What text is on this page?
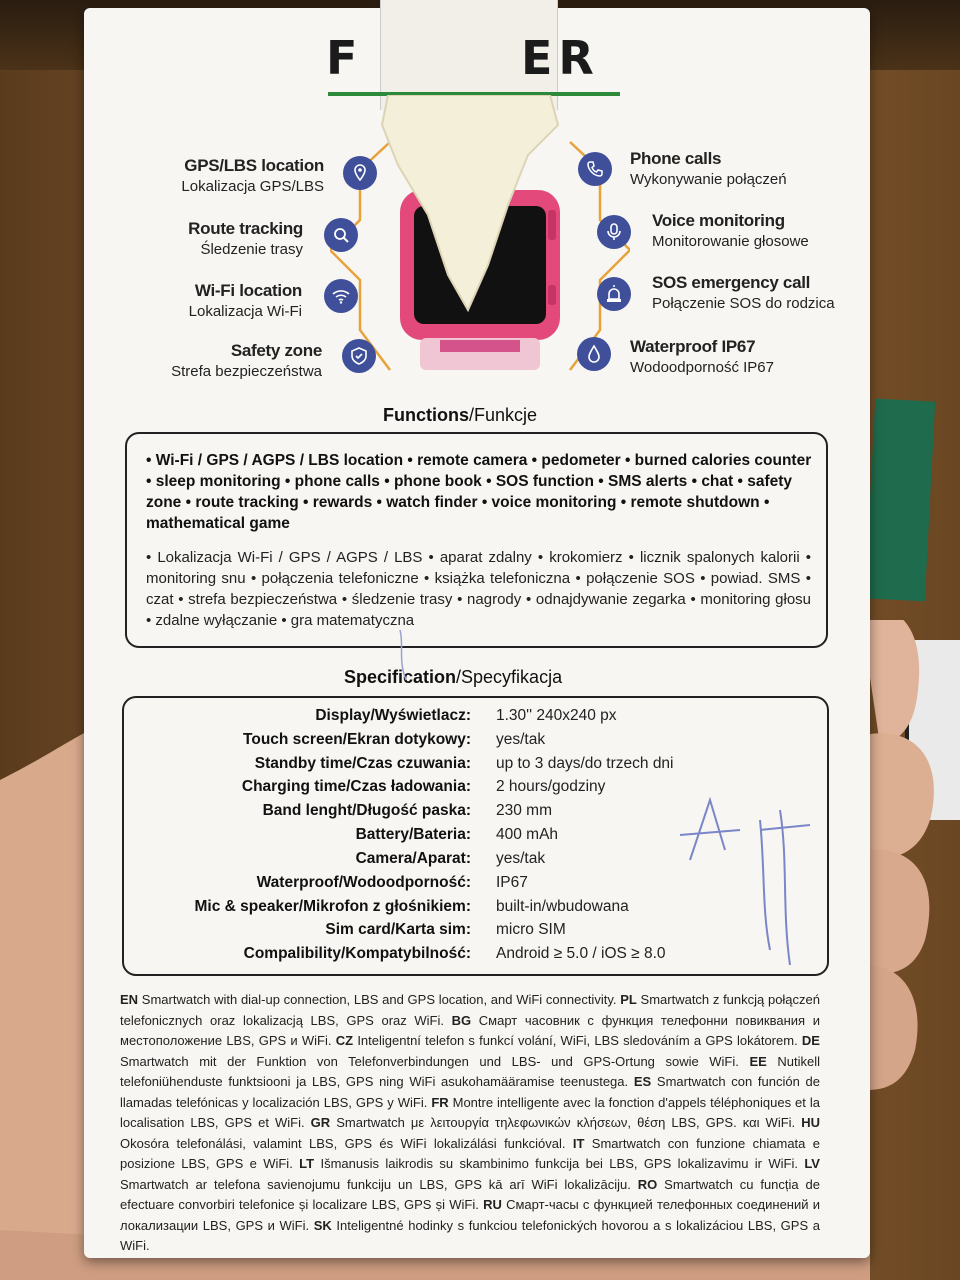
F	ER
GPS/LBS location
Lokalizacja GPS/LBS
Route tracking
Śledzenie trasy
Wi-Fi location
Lokalizacja Wi-Fi
Safety zone
Strefa bezpieczeństwa
Phone calls
Wykonywanie połączeń
Voice monitoring
Monitorowanie głosowe
SOS emergency call
Połączenie SOS do rodzica
Waterproof IP67
Wodoodporność IP67
Functions/Funkcje
• Wi-Fi / GPS / AGPS / LBS location • remote camera • pedometer • burned calories counter • sleep monitoring • phone calls • phone book • SOS function • SMS alerts • chat • safety zone • route tracking • rewards • watch finder • voice monitoring • remote shutdown • mathematical game
• Lokalizacja Wi-Fi / GPS / AGPS / LBS • aparat zdalny • krokomierz • licznik spalonych kalorii • monitoring snu • połączenia telefoniczne • książka telefoniczna • połączenie SOS • powiad. SMS • czat • strefa bezpieczeństwa • śledzenie trasy • nagrody • odnajdywanie zegarka • monitoring głosu • zdalne wyłączanie • gra matematyczna
Specification/Specyfikacja
Display/Wyświetlacz: 1.30'' 240x240 px
Touch screen/Ekran dotykowy: yes/tak
Standby time/Czas czuwania: up to 3 days/do trzech dni
Charging time/Czas ładowania: 2 hours/godziny
Band lenght/Długość paska: 230 mm
Battery/Bateria: 400 mAh
Camera/Aparat: yes/tak
Waterproof/Wodoodporność: IP67
Mic & speaker/Mikrofon z głośnikiem: built-in/wbudowana
Sim card/Karta sim: micro SIM
Compalibility/Kompatybilność: Android ≥ 5.0 / iOS ≥ 8.0
EN Smartwatch with dial-up connection, LBS and GPS location, and WiFi connectivity. PL Smartwatch z funkcją połączeń telefonicznych oraz lokalizacją LBS, GPS oraz WiFi. BG Смарт часовник с функция телефонни повиквания и местоположение LBS, GPS и WiFi. CZ Inteligentní telefon s funkcí volání, WiFi, LBS sledováním a GPS lokátorem. DE Smartwatch mit der Funktion von Telefonverbindungen und LBS- und GPS-Ortung sowie WiFi. EE Nutikell telefoniühenduste funktsiooni ja LBS, GPS ning WiFi asukohamääramise teenustega. ES Smartwatch con función de llamadas telefónicas y localización LBS, GPS y WiFi. FR Montre intelligente avec la fonction d'appels téléphoniques et la localisation LBS, GPS et WiFi. GR Smartwatch με λειτουργία τηλεφωνικών κλήσεων, θέση LBS, GPS. και WiFi. HU Okosóra telefonálási, valamint LBS, GPS és WiFi lokalizálási funkcióval. IT Smartwatch con funzione chiamata e posizione LBS, GPS e WiFi. LT Išmanusis laikrodis su skambinimo funkcija bei LBS, GPS lokalizavimu ir WiFi. LV Smartwatch ar telefona savienojumu funkciju un LBS, GPS kā arī WiFi lokalizāciju. RO Smartwatch cu funcția de efectuare convorbiri telefonice și localizare LBS, GPS și WiFi. RU Смарт-часы с функцией телефонных соединений и локализации LBS, GPS и WiFi. SK Inteligentné hodinky s funkciou telefonických hovorou a s lokalizáciou LBS, GPS a WiFi.
